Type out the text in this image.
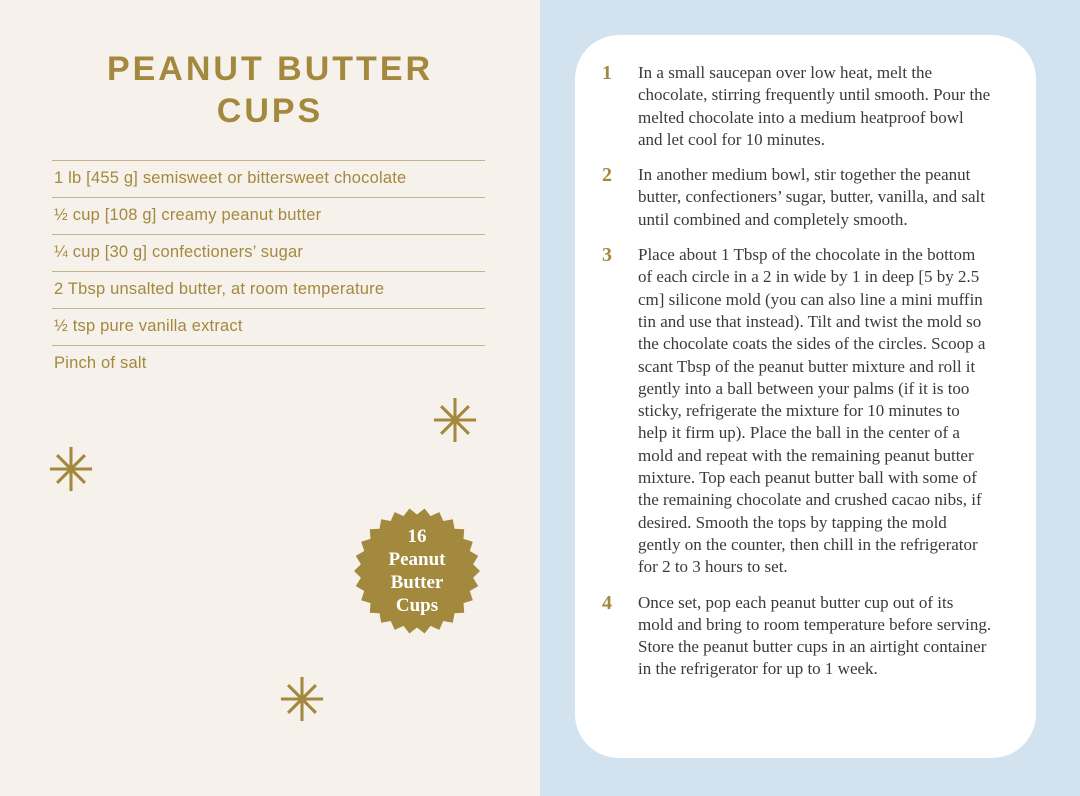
PEANUT BUTTER
CUPS
1 lb [455 g] semisweet or bittersweet chocolate
½ cup [108 g] creamy peanut butter
¼ cup [30 g] confectioners’ sugar
2 Tbsp unsalted butter, at room temperature
½ tsp pure vanilla extract
Pinch of salt
16
Peanut
Butter
Cups
1	In a small saucepan over low heat, melt the chocolate, stirring frequently until smooth. Pour the melted chocolate into a medium heatproof bowl and let cool for 10 minutes.
2	In another medium bowl, stir together the peanut butter, confectioners’ sugar, butter, vanilla, and salt until combined and completely smooth.
3	Place about 1 Tbsp of the chocolate in the bottom of each circle in a 2 in wide by 1 in deep [5 by 2.5 cm] silicone mold (you can also line a mini muffin tin and use that instead). Tilt and twist the mold so the chocolate coats the sides of the circles. Scoop a scant Tbsp of the peanut butter mixture and roll it gently into a ball between your palms (if it is too sticky, refrigerate the mixture for 10 minutes to help it firm up). Place the ball in the center of a mold and repeat with the remaining peanut butter mixture. Top each peanut butter ball with some of the remaining chocolate and crushed cacao nibs, if desired. Smooth the tops by tapping the mold gently on the counter, then chill in the refrigerator for 2 to 3 hours to set.
4	Once set, pop each peanut butter cup out of its mold and bring to room temperature before serving. Store the peanut butter cups in an airtight container in the refrigerator for up to 1 week.
